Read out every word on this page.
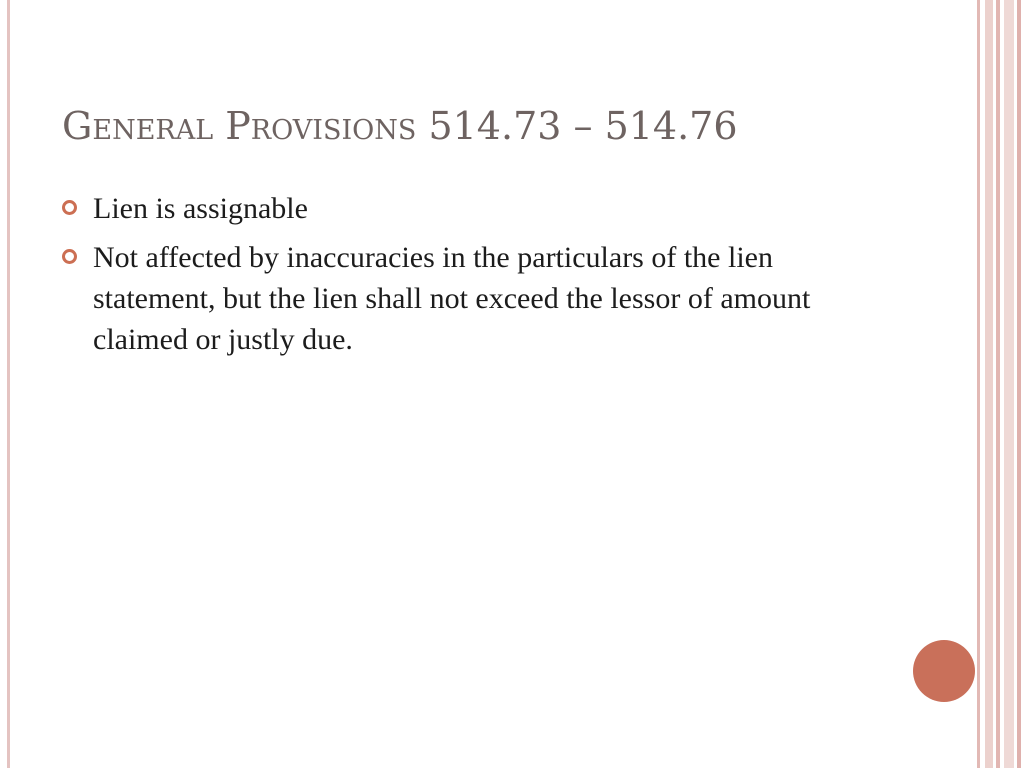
General Provisions 514.73 – 514.76
Lien is assignable
Not affected by inaccuracies in the particulars of the lien statement, but the lien shall not exceed the lessor of amount claimed or justly due.
